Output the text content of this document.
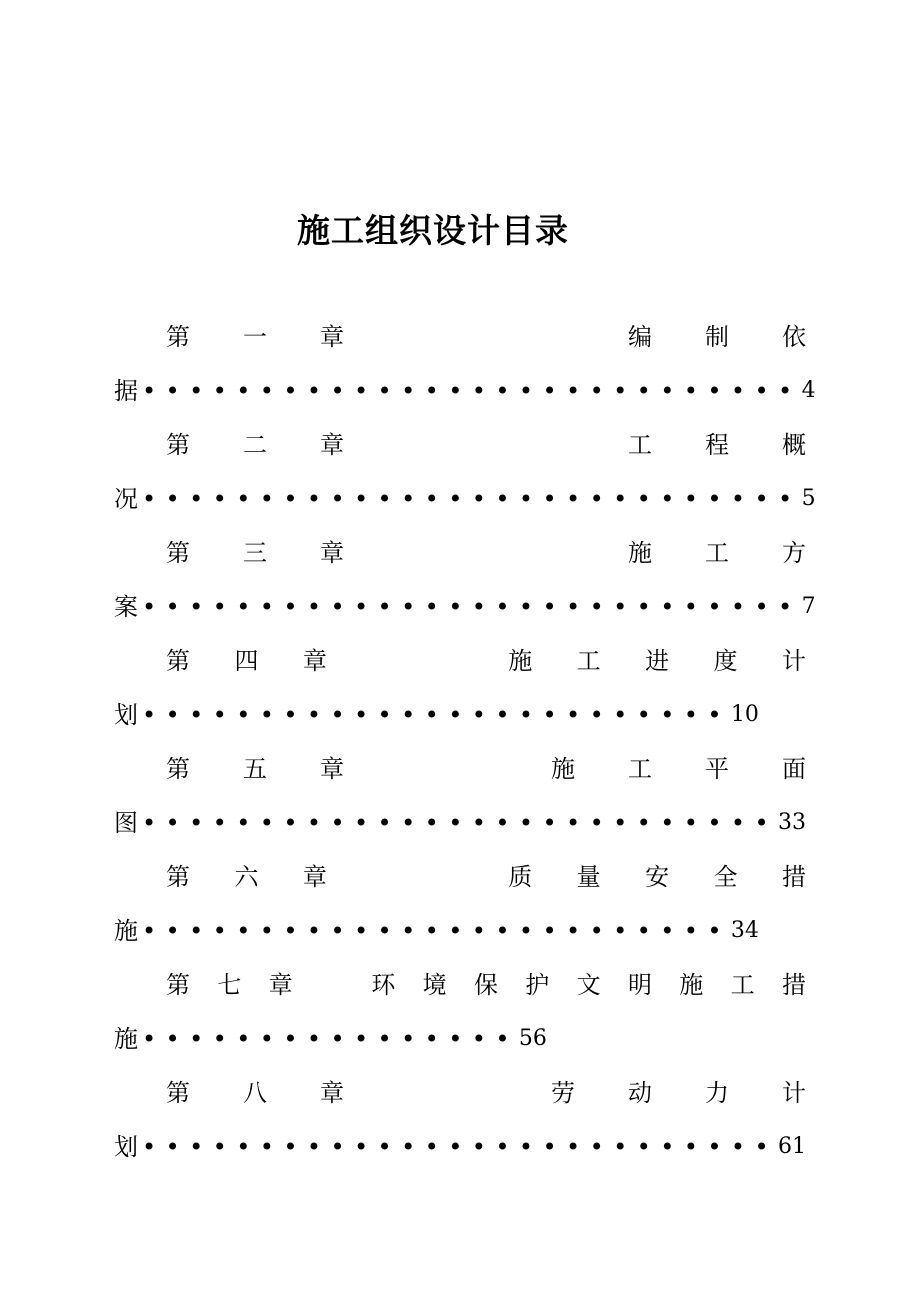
施工组织设计目录
第 一 章	编 制 依
据 •••••••••••••••••••••••••••• 4
第 二 章	工 程 概
况 •••••••••••••••••••••••••••• 5
第 三 章	施 工 方
案 •••••••••••••••••••••••••••• 7
第 四 章	施 工 进 度 计
划 ••••••••••••••••••••••••• 10
第 五 章	施 工 平 面
图 ••••••••••••••••••••••••••• 33
第 六 章	质 量 安 全 措
施 ••••••••••••••••••••••••• 34
第 七 章	环 境 保 护 文 明 施 工 措
施 •••••••••••••••• 56
第 八 章	劳 动 力 计
划 ••••••••••••••••••••••••••• 61
